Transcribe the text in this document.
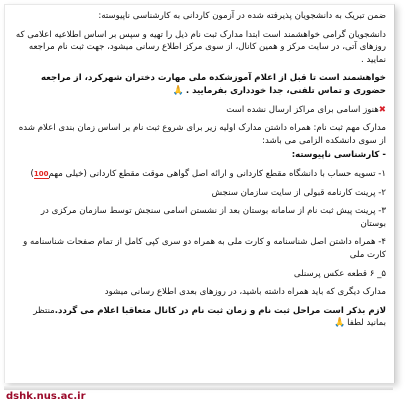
ضمن تبریک به دانشجویان پذیرفته شده در آزمون کاردانی به کارشناسی ناپیوسته:

دانشجویان گرامی خواهشمند است ابتدا مدارک ثبت نام ذیل را تهیه و سپس بر اساس اطلاعیه اعلامی که روزهای آتی، در سایت مرکز و همین کانال، از سوی مرکز اطلاع رسانی میشود، جهت ثبت نام مراجعه نمایید .

خواهشمند است تا قبل از اعلام آموزشکده ملی مهارت دختران شهرکرد، از مراجعه حضوری و تماس تلفنی، جدا خودداری بفرمایید .🙏

✖هنوز اسامی برای مراکز ارسال نشده است

مدارک مهم ثبت نام: همراه داشتن مدارک اولیه زیر برای شروع ثبت نام بر اساس زمان بندی اعلام شده از سوی دانشکده الزامی می باشد:

- کارشناسی ناپیوسته:

۱- تسویه حساب با دانشگاه مقطع کاردانی و ارائه اصل گواهی موقت مقطع کاردانی (خیلی مهم100)

۲- پرینت کارنامه قبولی از سایت سازمان سنجش

۳- پرینت پیش ثبت نام از سامانه بوستان بعد از نشستن اسامی سنجش توسط سازمان مرکزی در بوستان

۴- همراه داشتن اصل شناسنامه و کارت ملی به همراه دو سری کپی کامل از تمام صفحات شناسنامه و کارت ملی

۵_ ۶ قطعه عکس پرسنلی

مدارک دیگری که باید همراه داشته باشید، در روزهای بعدی اطلاع رسانی میشود

لازم بذکر است مراحل ثبت نام و زمان ثبت نام در کانال متعاقبا اعلام می گردد.منتظر بمانید لطفا🙏

dshk.nus.ac.ir
